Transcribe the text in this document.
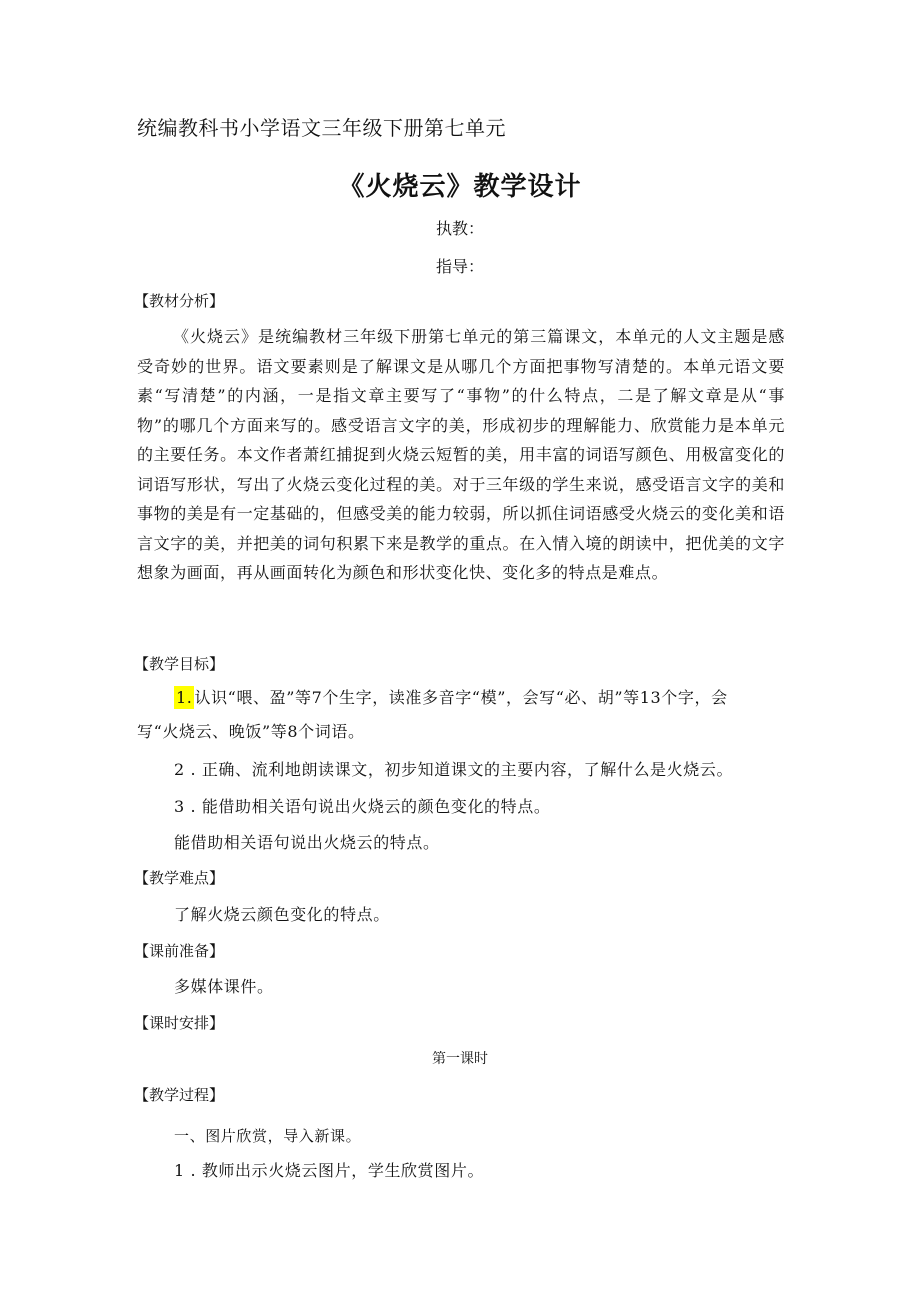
统编教科书小学语文三年级下册第七单元
《火烧云》教学设计
执教：
指导：
【教材分析】
《火烧云》是统编教材三年级下册第七单元的第三篇课文，本单元的人文主题是感受奇妙的世界。语文要素则是了解课文是从哪几个方面把事物写清楚的。本单元语文要素“写清楚”的内涵，一是指文章主要写了“事物”的什么特点，二是了解文章是从“事物”的哪几个方面来写的。感受语言文字的美，形成初步的理解能力、欣赏能力是本单元的主要任务。本文作者萧红捕捉到火烧云短暂的美，用丰富的词语写颜色、用极富变化的词语写形状，写出了火烧云变化过程的美。对于三年级的学生来说，感受语言文字的美和事物的美是有一定基础的，但感受美的能力较弱，所以抓住词语感受火烧云的变化美和语言文字的美，并把美的词句积累下来是教学的重点。在入情入境的朗读中，把优美的文字想象为画面，再从画面转化为颜色和形状变化快、变化多的特点是难点。
【教学目标】
1. 认识“喂、盈”等7个生字，读准多音字“模”，会写“必、胡”等13个字，会
写“火烧云、晚饭”等8个词语。
2 . 正确、流利地朗读课文，初步知道课文的主要内容，了解什么是火烧云。
3 . 能借助相关语句说出火烧云的颜色变化的特点。
能借助相关语句说出火烧云的特点。
【教学难点】
了解火烧云颜色变化的特点。
【课前准备】
多媒体课件。
【课时安排】
第一课时
【教学过程】
一、图片欣赏，导入新课。
1 . 教师出示火烧云图片，学生欣赏图片。
